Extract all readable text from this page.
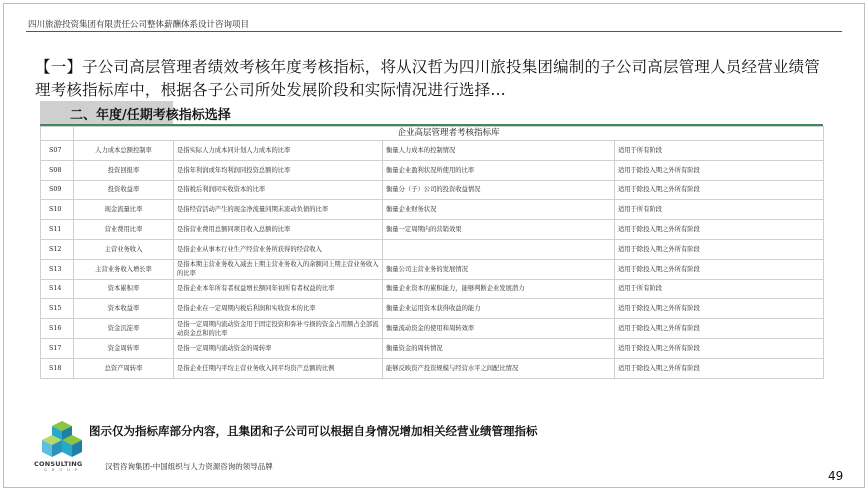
四川旅游投资集团有限责任公司整体薪酬体系设计咨询项目
【一】子公司高层管理者绩效考核年度考核指标，将从汉哲为四川旅投集团编制的子公司高层管理人员经营业绩管理考核指标库中，根据各子公司所处发展阶段和实际情况进行选择…
二、年度/任期考核指标选择
	企业高层管理者考核指标库			
S07	人力成本总额控制率	是指实际人力成本同计划人力成本的比率	衡量人力成本的控制情况	适用于所有阶段
S08	投资回报率	是指年利润或年均利润同投资总额的比率	衡量企业盈利状况所使用的比率	适用于除投入期之外所有阶段
S09	投资收益率	是指税后利润同实收资本的比率	衡量分（子）公司的投资收益情况	适用于除投入期之外所有阶段
S10	现金流量比率	是指经营活动产生的现金净流量同期末流动负债的比率	衡量企业财务状况	适用于所有阶段
S11	营业费用比率	是指营业费用总额同项目收入总额的比率	衡量一定周期内的营销效果	适用于除投入期之外所有阶段
S12	主营业务收入	是指企业从事本行业生产经营业务所获得的经营收入		适用于除投入期之外所有阶段
S13	主营业务收入增长率	是指本期主营业务收入减去上期主营业务收入的余额同上期主营业务收入的比率	衡量公司主营业务的发展情况	适用于除投入期之外所有阶段
S14	资本累积率	是指企业本年所有者权益增长额同年初所有者权益的比率	衡量企业资本的累积能力，能够判断企业发展潜力	适用于所有阶段
S15	资本收益率	是指企业在一定周期内税后利润和实收资本的比率	衡量企业运用资本获得收益的能力	适用于除投入期之外所有阶段
S16	资金沉淀率	是指一定周期内流动资金用于固定投资和弥补亏损的资金占用额占全部流动资金总和的比率	衡量流动资金的使用和周转效率	适用于除投入期之外所有阶段
S17	资金周转率	是指一定周期内流动资金的周转率	衡量资金的周转情况	适用于除投入期之外所有阶段
S18	总资产周转率	是指企业任期内平均主营业务收入同平均资产总额的比例	能够反映资产投资规模与经营水平之间配比情况	适用于除投入期之外所有阶段
CONSULTING
G R O U P
图示仅为指标库部分内容，且集团和子公司可以根据自身情况增加相关经营业绩管理指标
汉哲咨询集团-中国组织与人力资源咨询的领导品牌
49
